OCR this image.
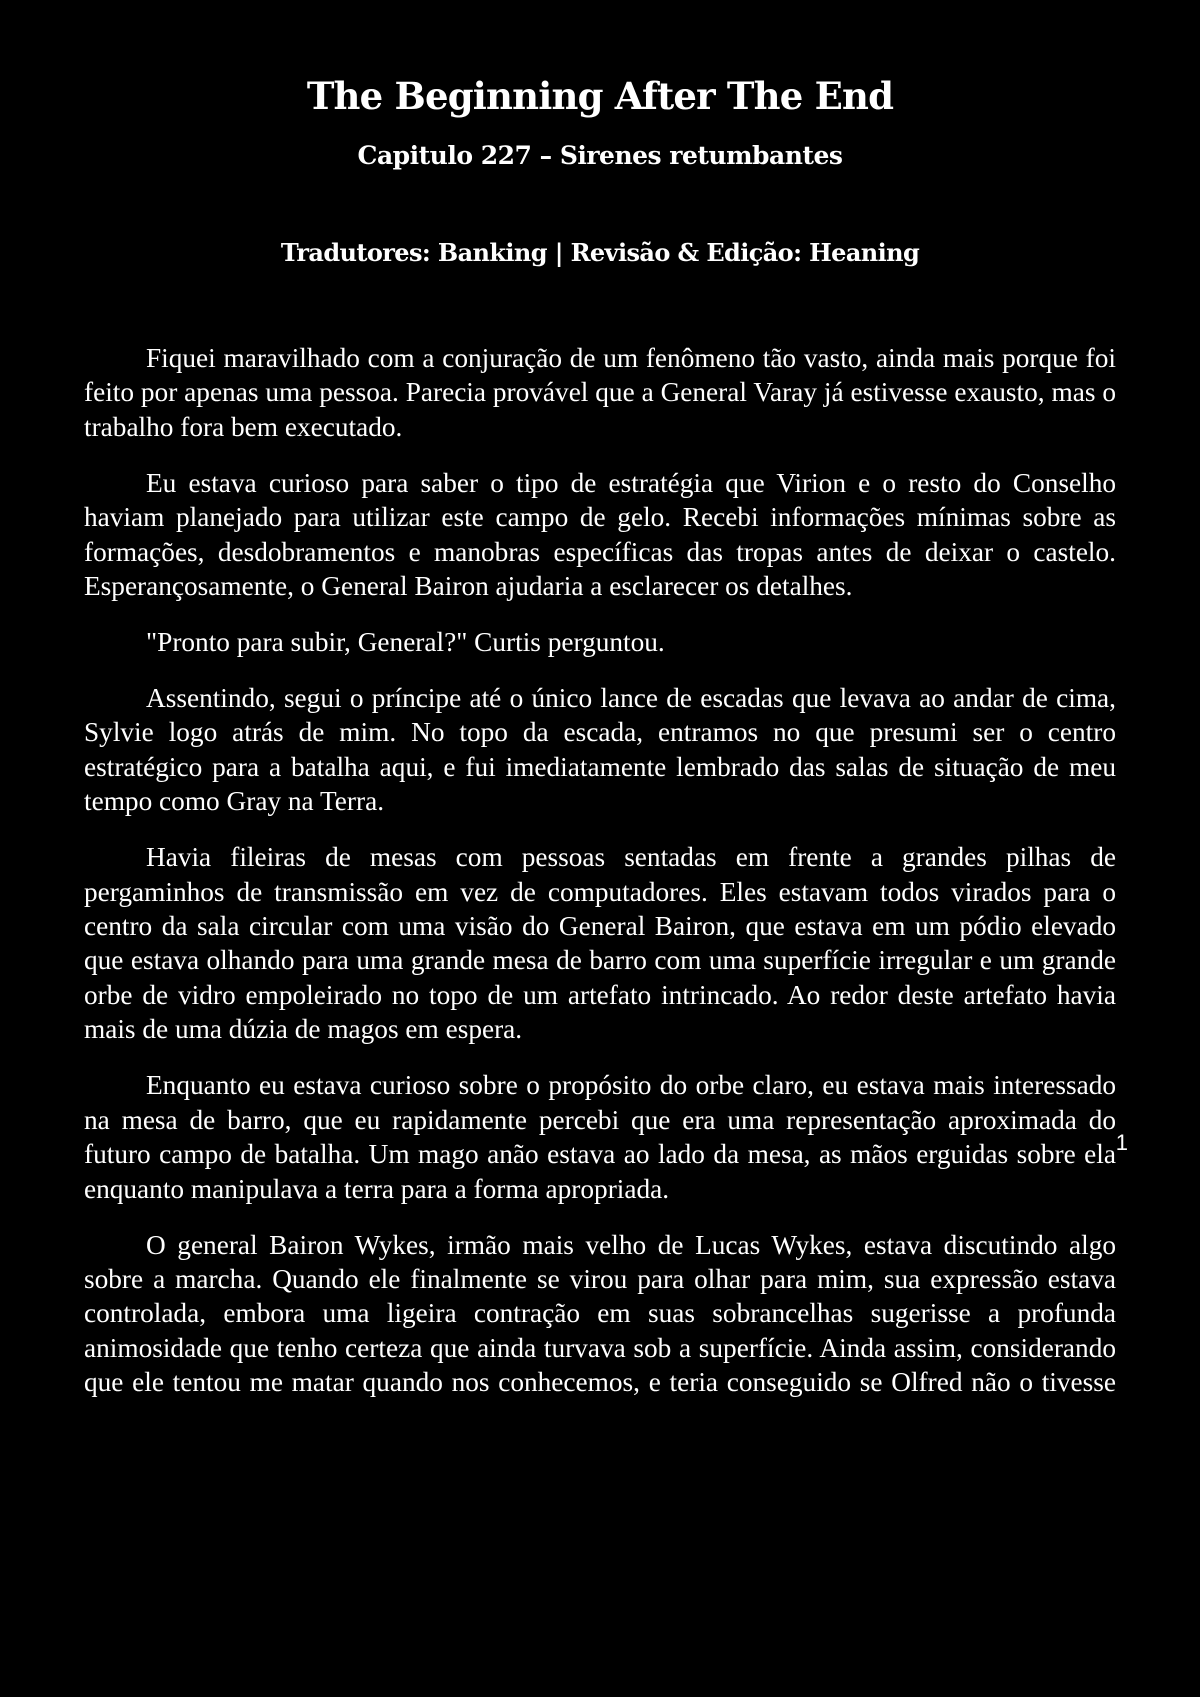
The Beginning After The End
Capitulo 227 – Sirenes retumbantes
Tradutores: Banking | Revisão & Edição: Heaning

Fiquei maravilhado com a conjuração de um fenômeno tão vasto, ainda mais porque foi feito por apenas uma pessoa. Parecia provável que a General Varay já estivesse exausto, mas o trabalho fora bem executado.

Eu estava curioso para saber o tipo de estratégia que Virion e o resto do Conselho haviam planejado para utilizar este campo de gelo. Recebi informações mínimas sobre as formações, desdobramentos e manobras específicas das tropas antes de deixar o castelo. Esperançosamente, o General Bairon ajudaria a esclarecer os detalhes.

"Pronto para subir, General?" Curtis perguntou.

Assentindo, segui o príncipe até o único lance de escadas que levava ao andar de cima, Sylvie logo atrás de mim. No topo da escada, entramos no que presumi ser o centro estratégico para a batalha aqui, e fui imediatamente lembrado das salas de situação de meu tempo como Gray na Terra.

Havia fileiras de mesas com pessoas sentadas em frente a grandes pilhas de pergaminhos de transmissão em vez de computadores. Eles estavam todos virados para o centro da sala circular com uma visão do General Bairon, que estava em um pódio elevado que estava olhando para uma grande mesa de barro com uma superfície irregular e um grande orbe de vidro empoleirado no topo de um artefato intrincado. Ao redor deste artefato havia mais de uma dúzia de magos em espera.

Enquanto eu estava curioso sobre o propósito do orbe claro, eu estava mais interessado na mesa de barro, que eu rapidamente percebi que era uma representação aproximada do futuro campo de batalha. Um mago anão estava ao lado da mesa, as mãos erguidas sobre ela enquanto manipulava a terra para a forma apropriada.

O general Bairon Wykes, irmão mais velho de Lucas Wykes, estava discutindo algo sobre a marcha. Quando ele finalmente se virou para olhar para mim, sua expressão estava controlada, embora uma ligeira contração em suas sobrancelhas sugerisse a profunda animosidade que tenho certeza que ainda turvava sob a superfície. Ainda assim, considerando que ele tentou me matar quando nos conhecemos, e teria conseguido se Olfred não o tivesse

1
